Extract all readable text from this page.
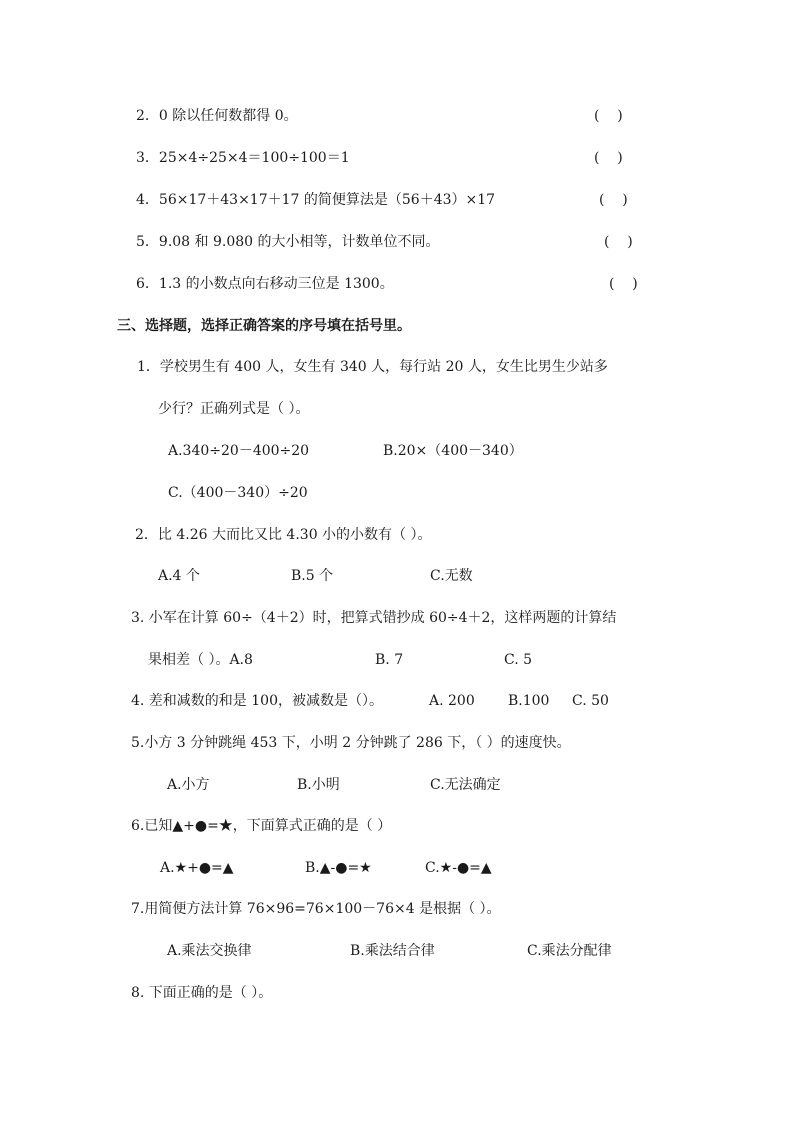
2．0 除以任何数都得 0。	(    )
3．25×4÷25×4＝100÷100＝1	(    )
4．56×17＋43×17＋17 的简便算法是（56＋43）×17	(    )
5．9.08 和 9.080 的大小相等，计数单位不同。	(    )
6．1.3 的小数点向右移动三位是 1300。	(    )
三、选择题，选择正确答案的序号填在括号里。
1．学校男生有 400 人，女生有 340 人，每行站 20 人，女生比男生少站多
少行？正确列式是（ ）。
A.340÷20－400÷20	B.20×（400－340）
C.（400－340）÷20
2．比 4.26 大而比又比 4.30 小的小数有（ ）。
A.4 个	B.5 个	C.无数
3. 小军在计算 60÷（4＋2）时，把算式错抄成 60÷4＋2，这样两题的计算结
果相差（ ）。A.8	B. 7	C. 5
4. 差和减数的和是 100，被减数是（）。	A. 200 B.100 C. 50
5.小方 3 分钟跳绳 453 下，小明 2 分钟跳了 286 下，（ ）的速度快。
A.小方	B.小明	C.无法确定
6.已知▲+●=★，下面算式正确的是（ ）
A.★+●=▲	B.▲-●=★	C.★-●=▲
7.用简便方法计算 76×96=76×100－76×4 是根据（ ）。
A.乘法交换律	B.乘法结合律	C.乘法分配律
8. 下面正确的是（ ）。
